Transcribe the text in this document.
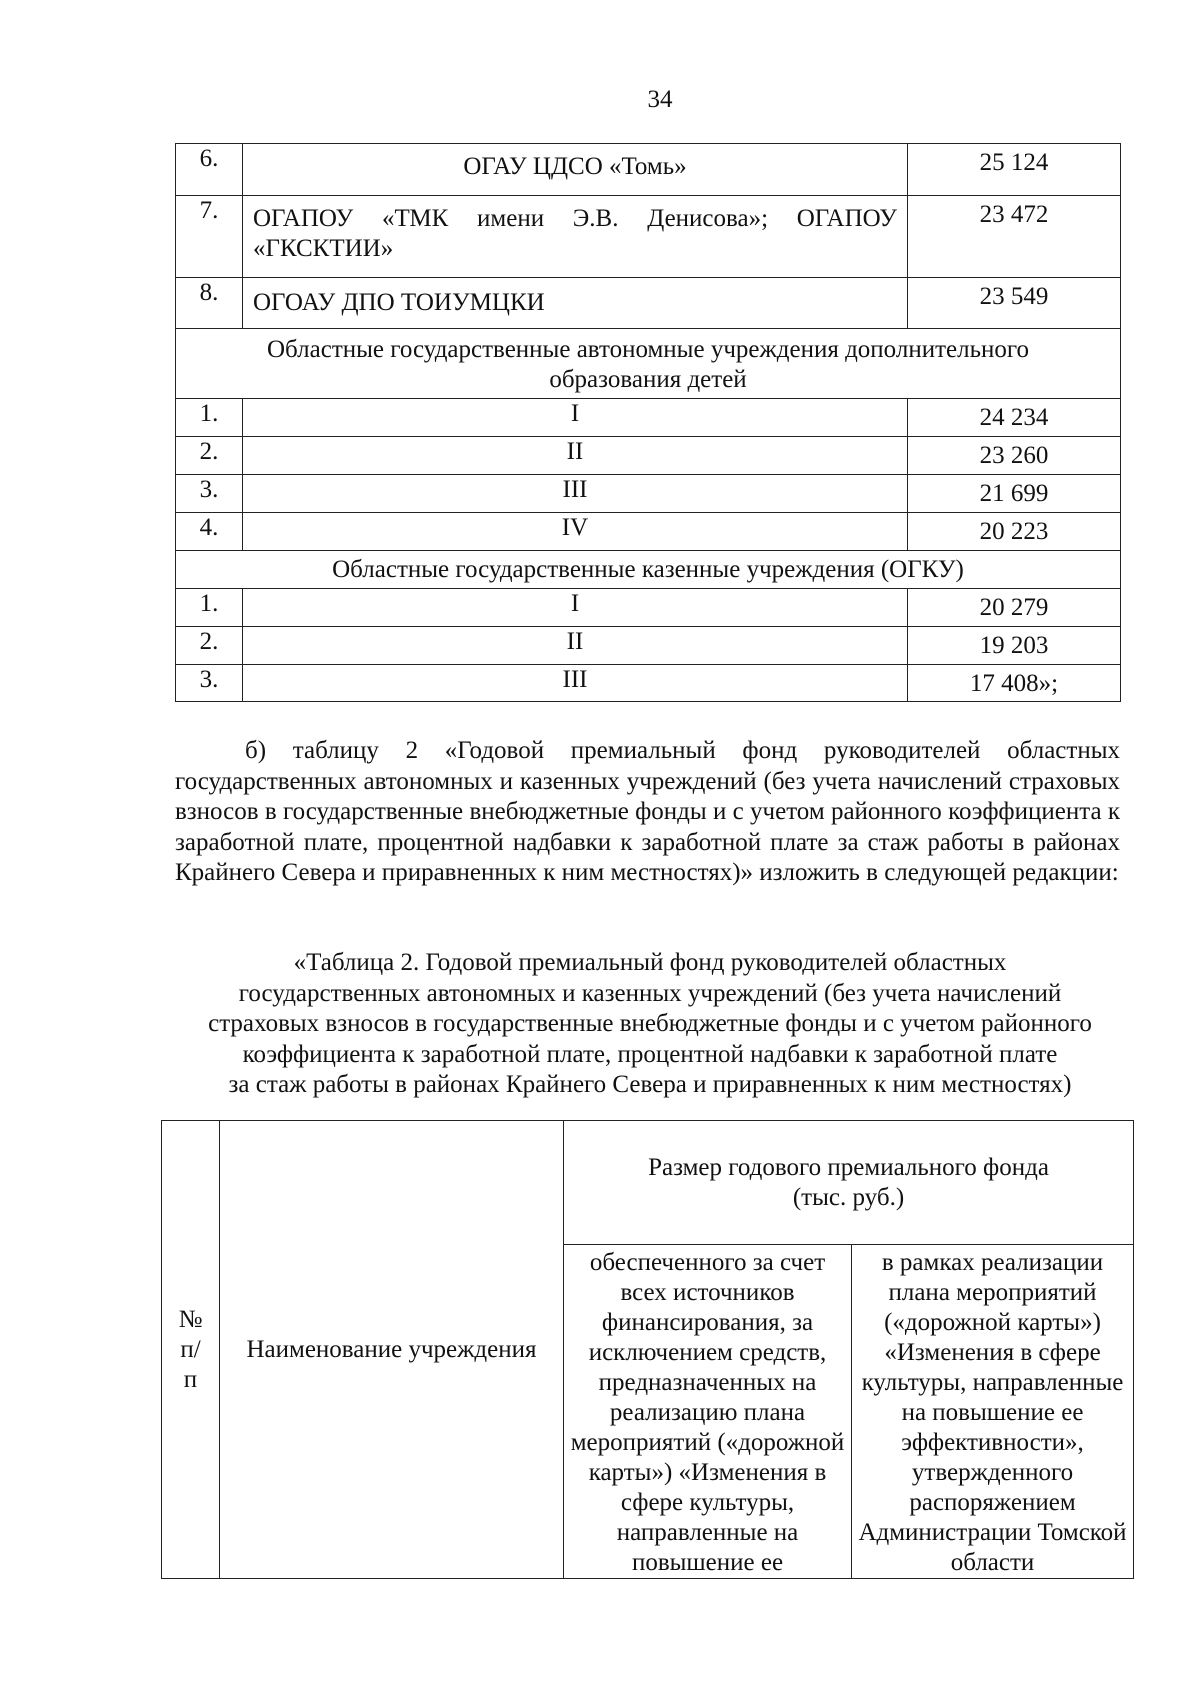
34
6.	ОГАУ ЦДСО «Томь»	25 124
7.	ОГАПОУ «ТМК имени Э.В. Денисова»; ОГАПОУ «ГКСКТИИ»	23 472
8.	ОГОАУ ДПО ТОИУМЦКИ	23 549
Областные государственные автономные учреждения дополнительного образования детей		
1.	I	24 234
2.	II	23 260
3.	III	21 699
4.	IV	20 223
Областные государственные казенные учреждения (ОГКУ)		
1.	I	20 279
2.	II	19 203
3.	III	17 408»;
б) таблицу 2 «Годовой премиальный фонд руководителей областных государственных автономных и казенных учреждений (без учета начислений страховых взносов в государственные внебюджетные фонды и с учетом районного коэффициента к заработной плате, процентной надбавки к заработной плате за стаж работы в районах Крайнего Севера и приравненных к ним местностях)» изложить в следующей редакции:
«Таблица 2. Годовой премиальный фонд руководителей областных
государственных автономных и казенных учреждений (без учета начислений
страховых взносов в государственные внебюджетные фонды и с учетом районного
коэффициента к заработной плате, процентной надбавки к заработной плате
за стаж работы в районах Крайнего Севера и приравненных к ним местностях)
№ п/п	Наименование учреждения	Размер годового премиального фонда (тыс. руб.)	
		обеспеченного за счет всех источников финансирования, за исключением средств, предназначенных на реализацию плана мероприятий («дорожной карты») «Изменения в сфере культуры, направленные на повышение ее	в рамках реализации плана мероприятий («дорожной карты») «Изменения в сфере культуры, направленные на повышение ее эффективности», утвержденного распоряжением Администрации Томской области
